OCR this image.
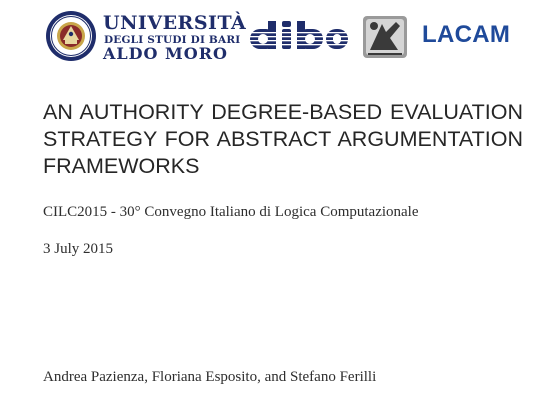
UNIVERSITÀ
DEGLI STUDI DI BARI
ALDO MORO
LACAM
AN AUTHORITY DEGREE-BASED EVALUATION
STRATEGY FOR ABSTRACT ARGUMENTATION
FRAMEWORKS
CILC2015 - 30° Convegno Italiano di Logica Computazionale
3 July 2015
Andrea Pazienza, Floriana Esposito, and Stefano Ferilli
